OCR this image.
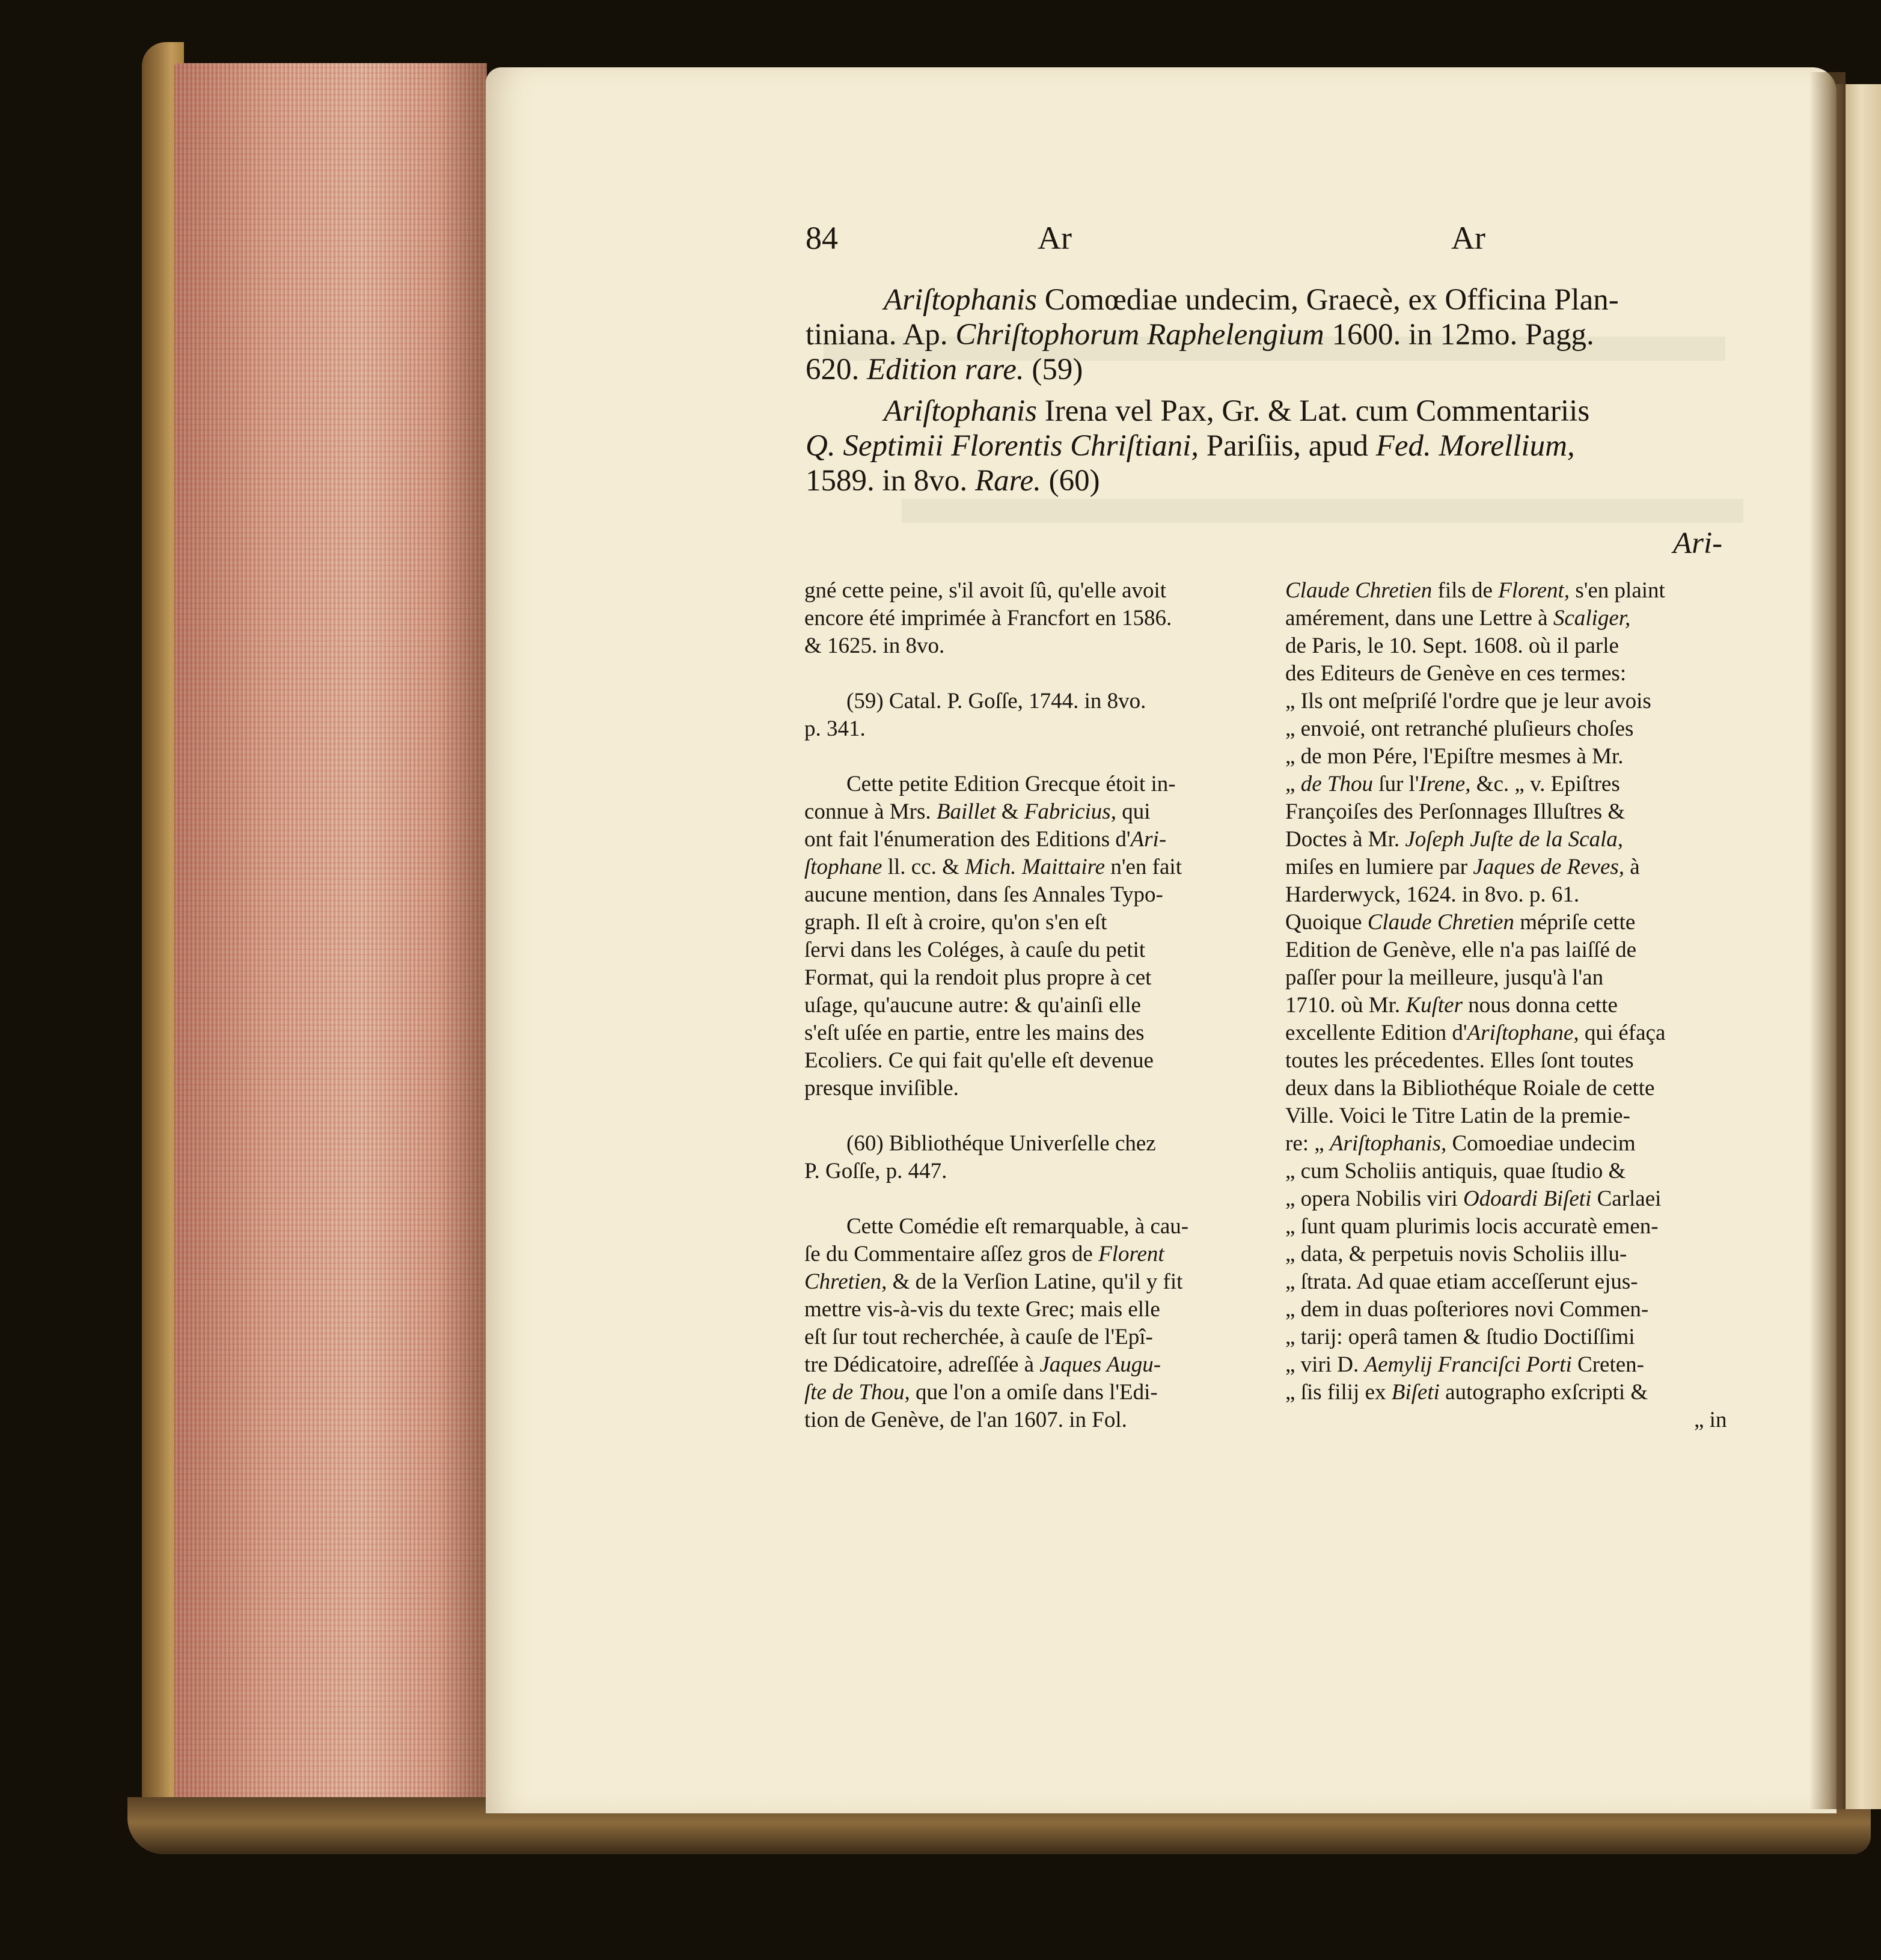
84	Ar	Ar
Ariſtophanis Comœdiae undecim, Graecè, ex Officina Plan-
tiniana. Ap. Chriſtophorum Raphelengium 1600. in 12mo. Pagg.
620. Edition rare. (59)
Ariſtophanis Irena vel Pax, Gr. & Lat. cum Commentariis
Q. Septimii Florentis Chriſtiani, Pariſiis, apud Fed. Morellium,
1589. in 8vo. Rare. (60)
Ari-
gné cette peine, s'il avoit ſû, qu'elle avoit
encore été imprimée à Francfort en 1586.
& 1625. in 8vo.

(59) Catal. P. Goſſe, 1744. in 8vo.
p. 341.

Cette petite Edition Grecque étoit in-
connue à Mrs. Baillet & Fabricius, qui
ont fait l'énumeration des Editions d'Ari-
ſtophane ll. cc. & Mich. Maittaire n'en fait
aucune mention, dans ſes Annales Typo-
graph. Il eſt à croire, qu'on s'en eſt
ſervi dans les Coléges, à cauſe du petit
Format, qui la rendoit plus propre à cet
uſage, qu'aucune autre: & qu'ainſi elle
s'eſt uſée en partie, entre les mains des
Ecoliers. Ce qui fait qu'elle eſt devenue
presque inviſible.

(60) Bibliothéque Univerſelle chez
P. Goſſe, p. 447.

Cette Comédie eſt remarquable, à cau-
ſe du Commentaire aſſez gros de Florent
Chretien, & de la Verſion Latine, qu'il y fit
mettre vis-à-vis du texte Grec; mais elle
eſt ſur tout recherchée, à cauſe de l'Epî-
tre Dédicatoire, adreſſée à Jaques Augu-
ſte de Thou, que l'on a omiſe dans l'Edi-
tion de Genève, de l'an 1607. in Fol.
Claude Chretien fils de Florent, s'en plaint
amérement, dans une Lettre à Scaliger,
de Paris, le 10. Sept. 1608. où il parle
des Editeurs de Genève en ces termes:
„ Ils ont meſpriſé l'ordre que je leur avois
„ envoié, ont retranché pluſieurs choſes
„ de mon Pére, l'Epiſtre mesmes à Mr.
„ de Thou ſur l'Irene, &c. „ v. Epiſtres
Françoiſes des Perſonnages Illuſtres &
Doctes à Mr. Joſeph Juſte de la Scala,
miſes en lumiere par Jaques de Reves, à
Harderwyck, 1624. in 8vo. p. 61.
Quoique Claude Chretien mépriſe cette
Edition de Genève, elle n'a pas laiſſé de
paſſer pour la meilleure, jusqu'à l'an
1710. où Mr. Kuſter nous donna cette
excellente Edition d'Ariſtophane, qui éfaça
toutes les précedentes. Elles ſont toutes
deux dans la Bibliothéque Roiale de cette
Ville. Voici le Titre Latin de la premie-
re: „ Ariſtophanis, Comoediae undecim
„ cum Scholiis antiquis, quae ſtudio &
„ opera Nobilis viri Odoardi Biſeti Carlaei
„ ſunt quam plurimis locis accuratè emen-
„ data, & perpetuis novis Scholiis illu-
„ ſtrata. Ad quae etiam acceſſerunt ejus-
„ dem in duas poſteriores novi Commen-
„ tarij: operâ tamen & ſtudio Doctiſſimi
„ viri D. Aemylij Franciſci Porti Creten-
„ ſis filij ex Biſeti autographo exſcripti &
„ in
